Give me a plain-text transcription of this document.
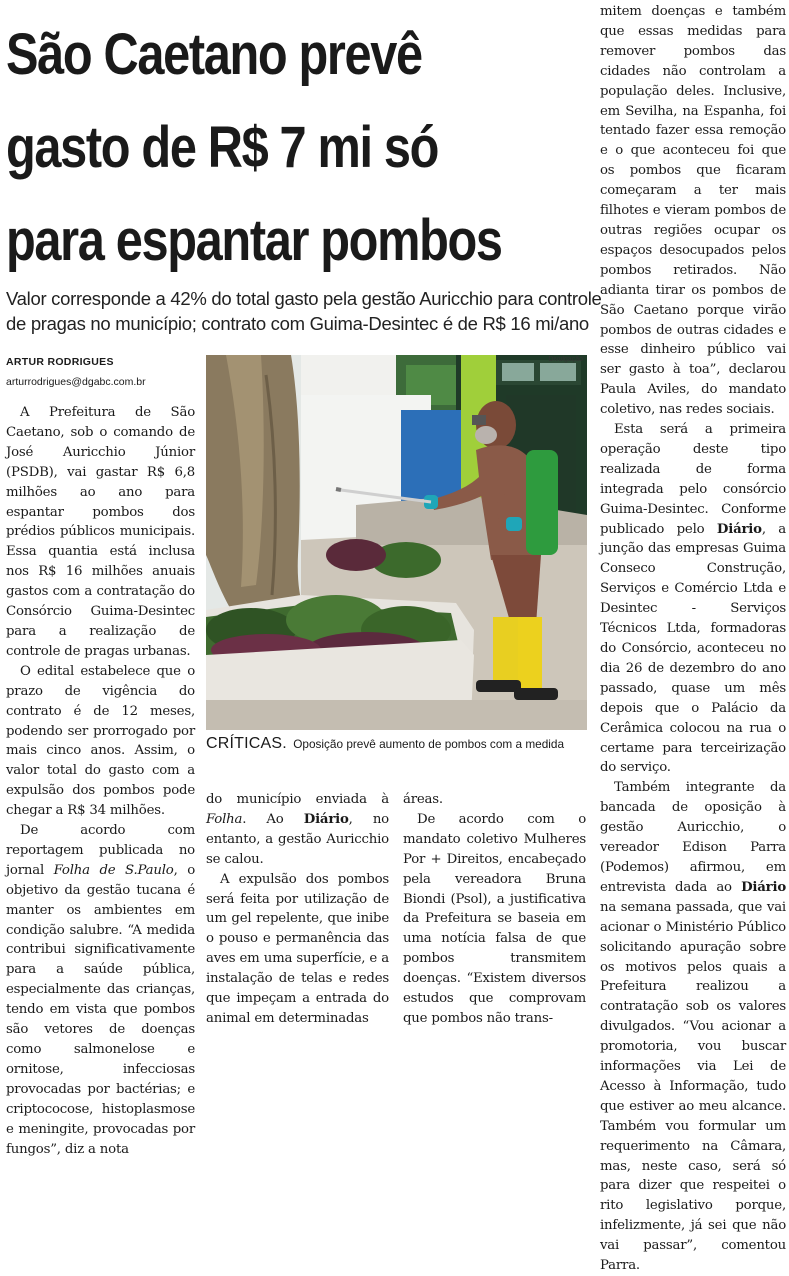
São Caetano prevê
gasto de R$ 7 mi só
para espantar pombos
Valor corresponde a 42% do total gasto pela gestão Auricchio para controle
de pragas no município; contrato com Guima-Desintec é de R$ 16 mi/ano
ARTUR RODRIGUES
arturrodrigues@dgabc.com.br

A Prefeitura de São Caetano, sob o comando de José Auricchio Júnior (PSDB), vai gastar R$ 6,8 milhões ao ano para espantar pombos dos prédios públicos municipais. Essa quantia está inclusa nos R$ 16 milhões anuais gastos com a contratação do Consórcio Guima-Desintec para a realização de controle de pragas urbanas.

O edital estabelece que o prazo de vigência do contrato é de 12 meses, podendo ser prorrogado por mais cinco anos. Assim, o valor total do gasto com a expulsão dos pombos pode chegar a R$ 34 milhões.

De acordo com reportagem publicada no jornal Folha de S.Paulo, o objetivo da gestão tucana é manter os ambientes em condição salubre. “A medida contribui significativamente para a saúde pública, especialmente das crianças, tendo em vista que pombos são vetores de doenças como salmonelose e ornitose, infecciosas provocadas por bactérias; e criptococose, histoplasmose e meningite, provocadas por fungos”, diz a nota

Divulgação
CRÍTICAS. Oposição prevê aumento de pombos com a medida

do município enviada à Folha. Ao Diário, no entanto, a gestão Auricchio se calou.

A expulsão dos pombos será feita por utilização de um gel repelente, que inibe o pouso e permanência das aves em uma superfície, e a instalação de telas e redes que impeçam a entrada do animal em determinadas

áreas.

De acordo com o mandato coletivo Mulheres Por + Direitos, encabeçado pela vereadora Bruna Biondi (Psol), a justificativa da Prefeitura se baseia em uma notícia falsa de que pombos transmitem doenças. “Existem diversos estudos que comprovam que pombos não trans-

mitem doenças e também que essas medidas para remover pombos das cidades não controlam a população deles. Inclusive, em Sevilha, na Espanha, foi tentado fazer essa remoção e o que aconteceu foi que os pombos que ficaram começaram a ter mais filhotes e vieram pombos de outras regiões ocupar os espaços desocupados pelos pombos retirados. Não adianta tirar os pombos de São Caetano porque virão pombos de outras cidades e esse dinheiro público vai ser gasto à toa”, declarou Paula Aviles, do mandato coletivo, nas redes sociais.

Esta será a primeira operação deste tipo realizada de forma integrada pelo consórcio Guima-Desintec. Conforme publicado pelo Diário, a junção das empresas Guima Conseco Construção, Serviços e Comércio Ltda e Desintec - Serviços Técnicos Ltda, formadoras do Consórcio, aconteceu no dia 26 de dezembro do ano passado, quase um mês depois que o Palácio da Cerâmica colocou na rua o certame para terceirização do serviço.

Também integrante da bancada de oposição à gestão Auricchio, o vereador Edison Parra (Podemos) afirmou, em entrevista dada ao Diário na semana passada, que vai acionar o Ministério Público solicitando apuração sobre os motivos pelos quais a Prefeitura realizou a contratação sob os valores divulgados. “Vou acionar a promotoria, vou buscar informações via Lei de Acesso à Informação, tudo que estiver ao meu alcance. Também vou formular um requerimento na Câmara, mas, neste caso, será só para dizer que respeitei o rito legislativo porque, infelizmente, já sei que não vai passar”, comentou Parra.
